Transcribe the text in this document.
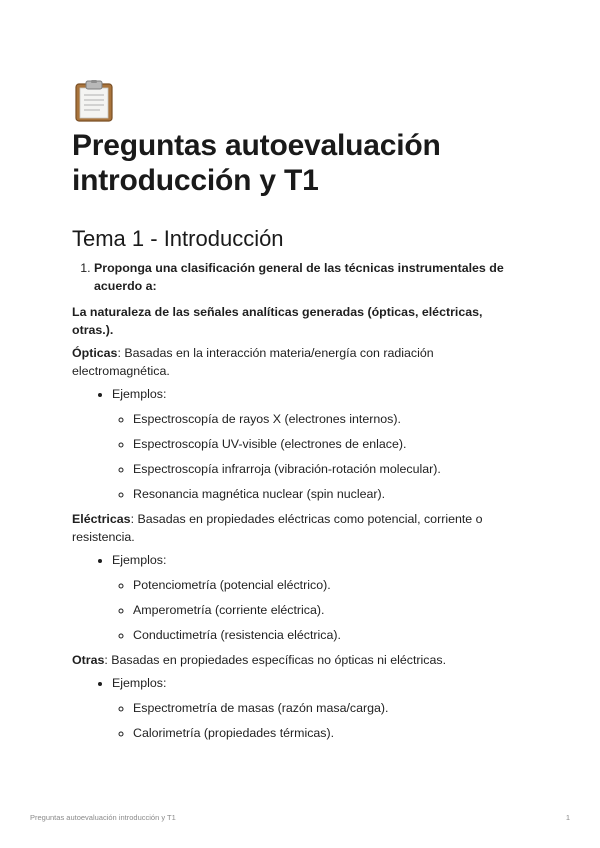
Preguntas autoevaluación introducción y T1
Tema 1 - Introducción
1. Proponga una clasificación general de las técnicas instrumentales de acuerdo a:

La naturaleza de las señales analíticas generadas (ópticas, eléctricas, otras.).

Ópticas: Basadas en la interacción materia/energía con radiación electromagnética.

• Ejemplos:
◦ Espectroscopía de rayos X (electrones internos).
◦ Espectroscopía UV-visible (electrones de enlace).
◦ Espectroscopía infrarroja (vibración-rotación molecular).
◦ Resonancia magnética nuclear (spin nuclear).

Eléctricas: Basadas en propiedades eléctricas como potencial, corriente o resistencia.

• Ejemplos:
◦ Potenciometría (potencial eléctrico).
◦ Amperometría (corriente eléctrica).
◦ Conductimetría (resistencia eléctrica).

Otras: Basadas en propiedades específicas no ópticas ni eléctricas.

• Ejemplos:
◦ Espectrometría de masas (razón masa/carga).
◦ Calorimetría (propiedades térmicas).
Preguntas autoevaluación introducción y T1	1
